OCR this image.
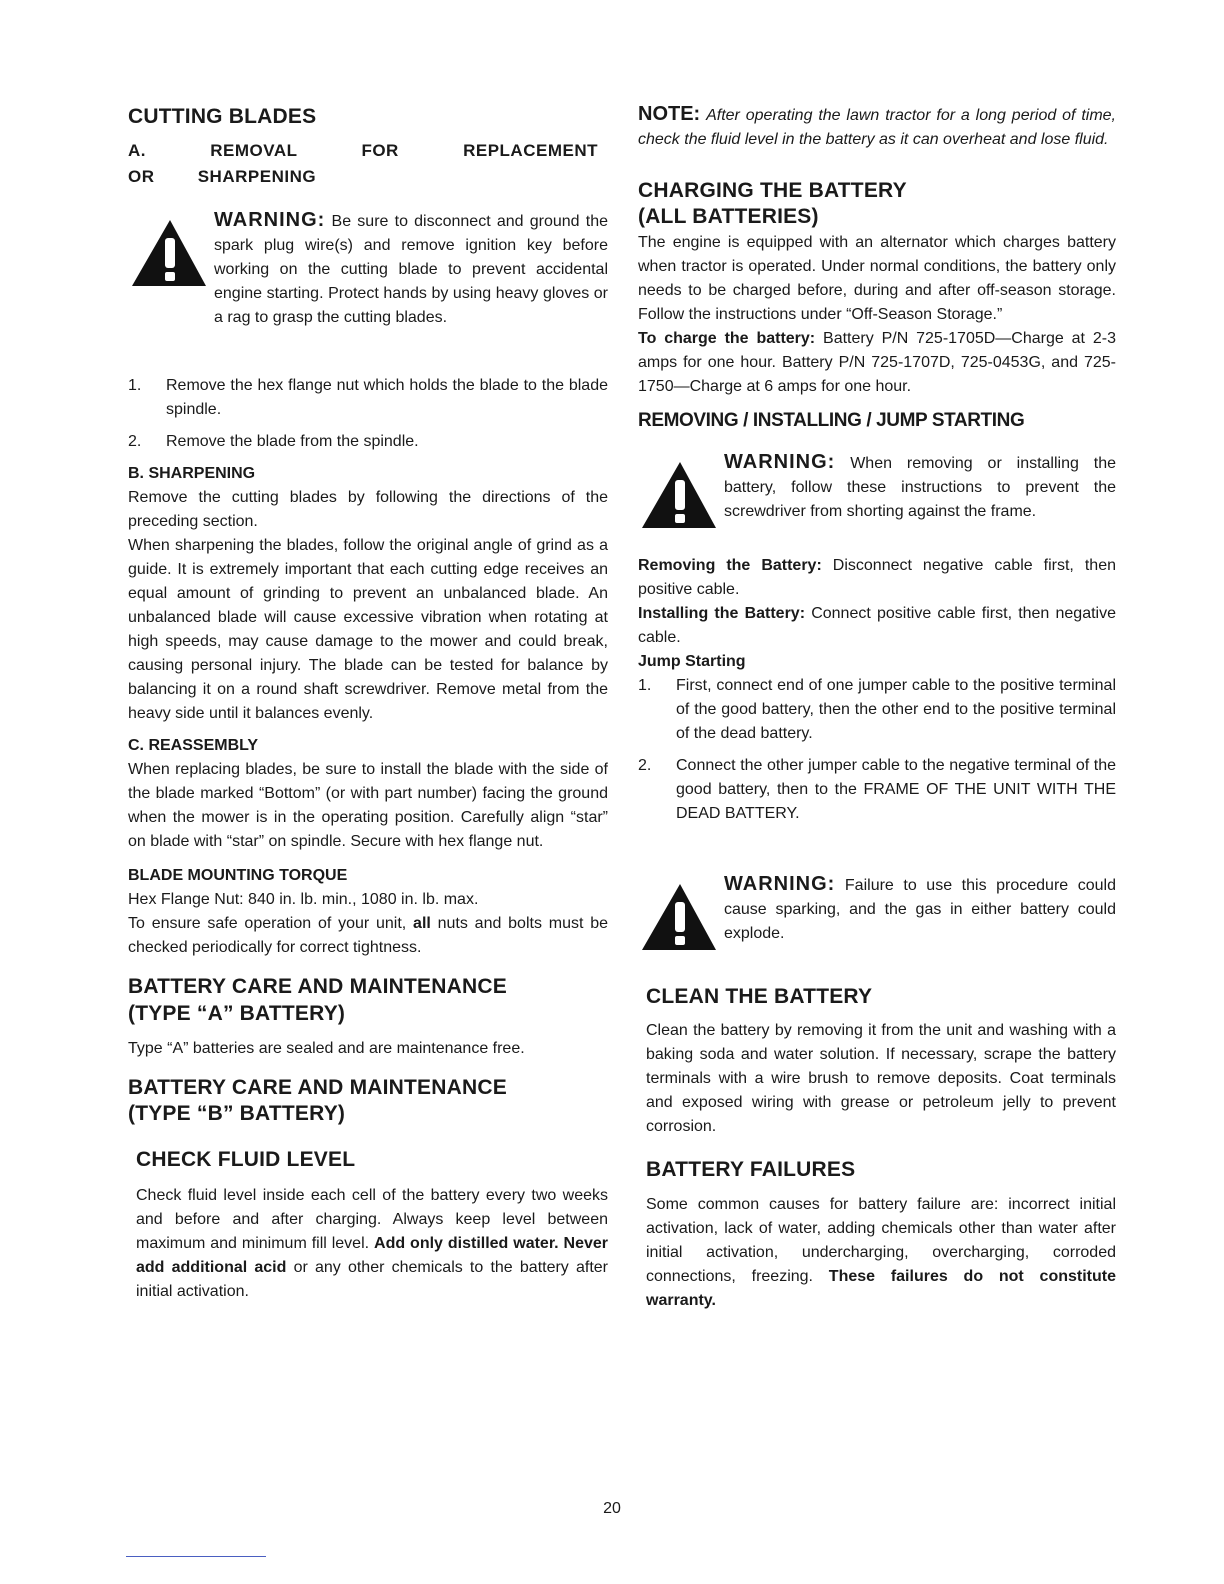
CUTTING BLADES
A. REMOVAL FOR REPLACEMENT OR SHARPENING

WARNING: Be sure to disconnect and ground the spark plug wire(s) and remove ignition key before working on the cutting blade to prevent accidental engine starting. Protect hands by using heavy gloves or a rag to grasp the cutting blades.

1.	Remove the hex flange nut which holds the blade to the blade spindle.
2.	Remove the blade from the spindle.
B. SHARPENING

Remove the cutting blades by following the directions of the preceding section.

When sharpening the blades, follow the original angle of grind as a guide. It is extremely important that each cutting edge receives an equal amount of grinding to prevent an unbalanced blade. An unbalanced blade will cause excessive vibration when rotating at high speeds, may cause damage to the mower and could break, causing personal injury. The blade can be tested for balance by balancing it on a round shaft screwdriver. Remove metal from the heavy side until it balances evenly.

C. REASSEMBLY

When replacing blades, be sure to install the blade with the side of the blade marked “Bottom” (or with part number) facing the ground when the mower is in the operating position. Carefully align “star” on blade with “star” on spindle. Secure with hex flange nut.

BLADE MOUNTING TORQUE

Hex Flange Nut: 840 in. lb. min., 1080 in. lb. max.

To ensure safe operation of your unit, all nuts and bolts must be checked periodically for correct tightness.

BATTERY CARE AND MAINTENANCE
(TYPE “A” BATTERY)

Type “A” batteries are sealed and are maintenance free.

BATTERY CARE AND MAINTENANCE
(TYPE “B” BATTERY)
CHECK FLUID LEVEL

Check fluid level inside each cell of the battery every two weeks and before and after charging. Always keep level between maximum and minimum fill level. Add only distilled water. Never add additional acid or any other chemicals to the battery after initial activation.

NOTE: After operating the lawn tractor for a long period of time, check the fluid level in the battery as it can overheat and lose fluid.

CHARGING THE BATTERY
(ALL BATTERIES)

The engine is equipped with an alternator which charges battery when tractor is operated. Under normal conditions, the battery only needs to be charged before, during and after off-season storage. Follow the instructions under “Off-Season Storage.”

To charge the battery: Battery P/N 725-1705D—Charge at 2-3 amps for one hour. Battery P/N 725-1707D, 725-0453G, and 725-1750—Charge at 6 amps for one hour.

REMOVING / INSTALLING / JUMP STARTING

WARNING: When removing or installing the battery, follow these instructions to prevent the screwdriver from shorting against the frame.

Removing the Battery: Disconnect negative cable first, then positive cable.

Installing the Battery: Connect positive cable first, then negative cable.

Jump Starting
1.	First, connect end of one jumper cable to the positive terminal of the good battery, then the other end to the positive terminal of the dead battery.
2.	Connect the other jumper cable to the negative terminal of the good battery, then to the FRAME OF THE UNIT WITH THE DEAD BATTERY.

WARNING: Failure to use this procedure could cause sparking, and the gas in either battery could explode.

CLEAN THE BATTERY

Clean the battery by removing it from the unit and washing with a baking soda and water solution. If necessary, scrape the battery terminals with a wire brush to remove deposits. Coat terminals and exposed wiring with grease or petroleum jelly to prevent corrosion.

BATTERY FAILURES

Some common causes for battery failure are: incorrect initial activation, lack of water, adding chemicals other than water after initial activation, undercharging, overcharging, corroded connections, freezing. These failures do not constitute warranty.

20
